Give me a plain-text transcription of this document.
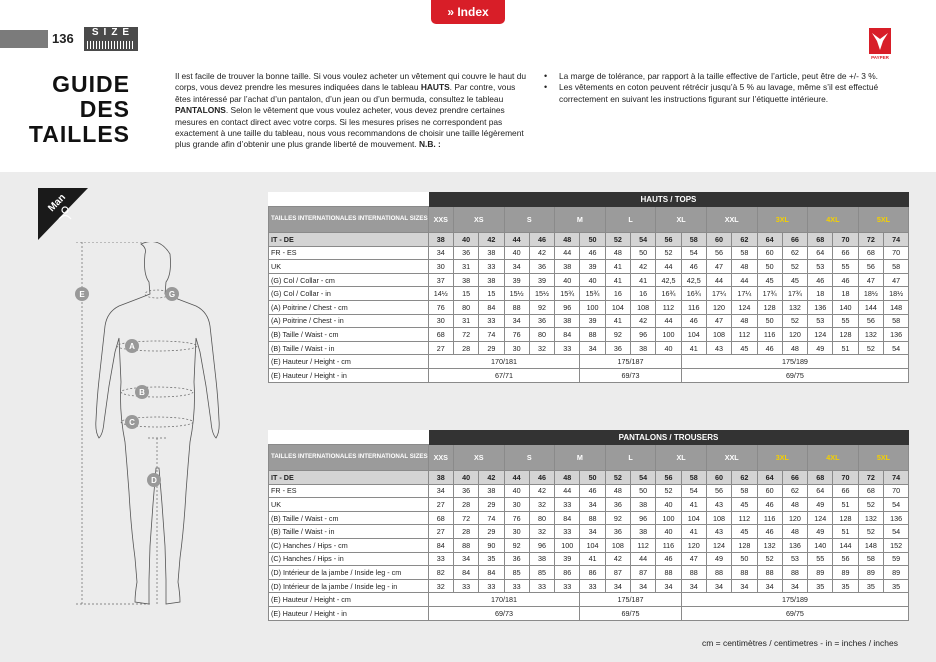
» Index
136	SIZE
PAYPER
GUIDE
DES
TAILLES
Il est facile de trouver la bonne taille. Si vous voulez acheter un vêtement qui couvre le haut du corps, vous devez prendre les mesures indiquées dans le tableau HAUTS. Par contre, vous êtes intéressé par l’achat d’un pantalon, d’un jean ou d’un bermuda, consultez le tableau PANTALONS. Selon le vêtement que vous voulez acheter, vous devez prendre certaines mesures en contact direct avec votre corps. Si les mesures prises ne correspondent pas exactement à une taille du tableau, nous vous recommandons de choisir une taille légèrement plus grande afin d’obtenir une plus grande liberté de mouvement. N.B. :
• La marge de tolérance, par rapport à la taille effective de l’article, peut être de +/- 3 %.
• Les vêtements en coton peuvent rétrécir jusqu’à 5 % au lavage, même s’il est effectué correctement en suivant les instructions figurant sur l’étiquette intérieure.
Man
E	G
A
B
C
D
	HAUTS / TOPS																		
TAILLES INTERNATIONALES INTERNATIONAL SIZES	XXS	XS		S		M		L		XL		XXL		3XL		4XL		5XL	
IT - DE	38	40	42	44	46	48	50	52	54	56	58	60	62	64	66	68	70	72	74
FR - ES	34	36	38	40	42	44	46	48	50	52	54	56	58	60	62	64	66	68	70
UK	30	31	33	34	36	38	39	41	42	44	46	47	48	50	52	53	55	56	58
(G) Col / Collar - cm	37	38	38	39	39	40	40	41	41	42,5	42,5	44	44	45	45	46	46	47	47
(G) Col / Collar - in	14½	15	15	15½	15½	15¾	15¾	16	16	16¾	16¾	17¼	17¼	17¾	17¾	18	18	18½	18½
(A) Poitrine / Chest - cm	76	80	84	88	92	96	100	104	108	112	116	120	124	128	132	136	140	144	148
(A) Poitrine / Chest - in	30	31	33	34	36	38	39	41	42	44	46	47	48	50	52	53	55	56	58
(B) Taille / Waist - cm	68	72	74	76	80	84	88	92	96	100	104	108	112	116	120	124	128	132	136
(B) Taille / Waist - in	27	28	29	30	32	33	34	36	38	40	41	43	45	46	48	49	51	52	54
(E) Hauteur / Height - cm	170/181						175/187				175/189								
(E) Hauteur / Height - in	67/71						69/73				69/75								
	PANTALONS / TROUSERS																		
TAILLES INTERNATIONALES INTERNATIONAL SIZES	XXS	XS		S		M		L		XL		XXL		3XL		4XL		5XL	
IT - DE	38	40	42	44	46	48	50	52	54	56	58	60	62	64	66	68	70	72	74
FR - ES	34	36	38	40	42	44	46	48	50	52	54	56	58	60	62	64	66	68	70
UK	27	28	29	30	32	33	34	36	38	40	41	43	45	46	48	49	51	52	54
(B) Taille / Waist - cm	68	72	74	76	80	84	88	92	96	100	104	108	112	116	120	124	128	132	136
(B) Taille / Waist - in	27	28	29	30	32	33	34	36	38	40	41	43	45	46	48	49	51	52	54
(C) Hanches / Hips - cm	84	88	90	92	96	100	104	108	112	116	120	124	128	132	136	140	144	148	152
(C) Hanches / Hips - in	33	34	35	36	38	39	41	42	44	46	47	49	50	52	53	55	56	58	59
(D) Intérieur de la jambe / Inside leg - cm	82	84	84	85	85	86	86	87	87	88	88	88	88	88	88	89	89	89	89
(D) Intérieur de la jambe / Inside leg - in	32	33	33	33	33	33	33	34	34	34	34	34	34	34	34	35	35	35	35
(E) Hauteur / Height - cm	170/181						175/187				175/189								
(E) Hauteur / Height - in	69/73						69/75				69/75								
cm = centimètres / centimetres - in = inches / inches
